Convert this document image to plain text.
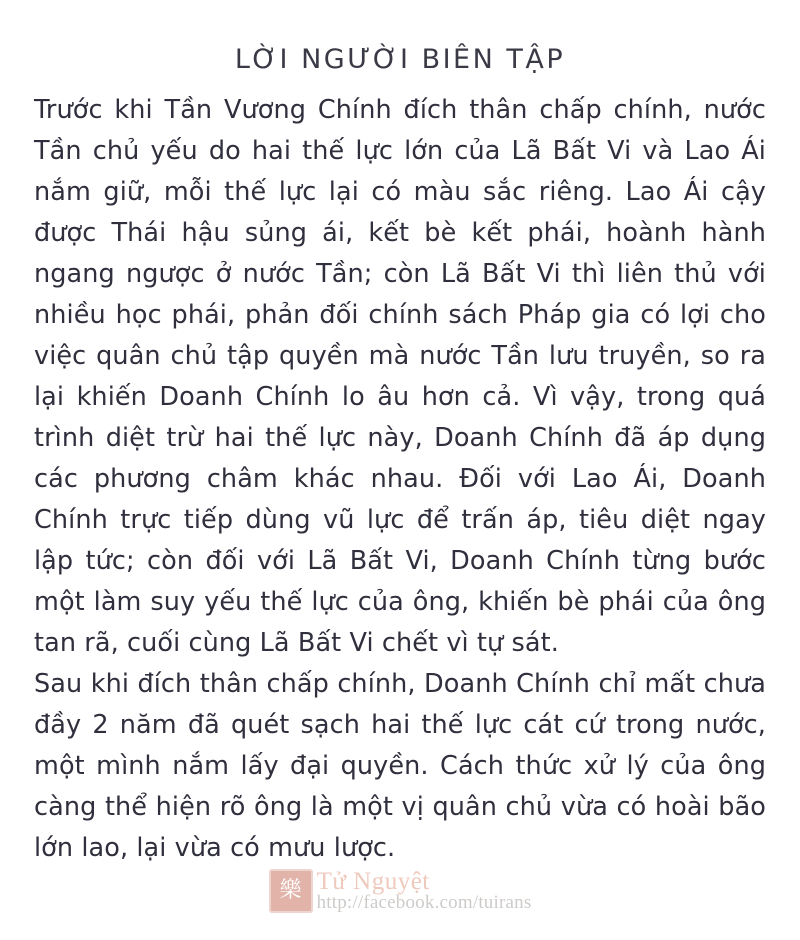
LỜI NGƯỜI BIÊN TẬP

Trước khi Tần Vương Chính đích thân chấp chính, nước Tần chủ yếu do hai thế lực lớn của Lã Bất Vi và Lao Ái nắm giữ, mỗi thế lực lại có màu sắc riêng. Lao Ái cậy được Thái hậu sủng ái, kết bè kết phái, hoành hành ngang ngược ở nước Tần; còn Lã Bất Vi thì liên thủ với nhiều học phái, phản đối chính sách Pháp gia có lợi cho việc quân chủ tập quyền mà nước Tần lưu truyền, so ra lại khiến Doanh Chính lo âu hơn cả. Vì vậy, trong quá trình diệt trừ hai thế lực này, Doanh Chính đã áp dụng các phương châm khác nhau. Đối với Lao Ái, Doanh Chính trực tiếp dùng vũ lực để trấn áp, tiêu diệt ngay lập tức; còn đối với Lã Bất Vi, Doanh Chính từng bước một làm suy yếu thế lực của ông, khiến bè phái của ông tan rã, cuối cùng Lã Bất Vi chết vì tự sát.

Sau khi đích thân chấp chính, Doanh Chính chỉ mất chưa đầy 2 năm đã quét sạch hai thế lực cát cứ trong nước, một mình nắm lấy đại quyền. Cách thức xử lý của ông càng thể hiện rõ ông là một vị quân chủ vừa có hoài bão lớn lao, lại vừa có mưu lược.

樂 Tử Nguyệt
http://facebook.com/tuirans
